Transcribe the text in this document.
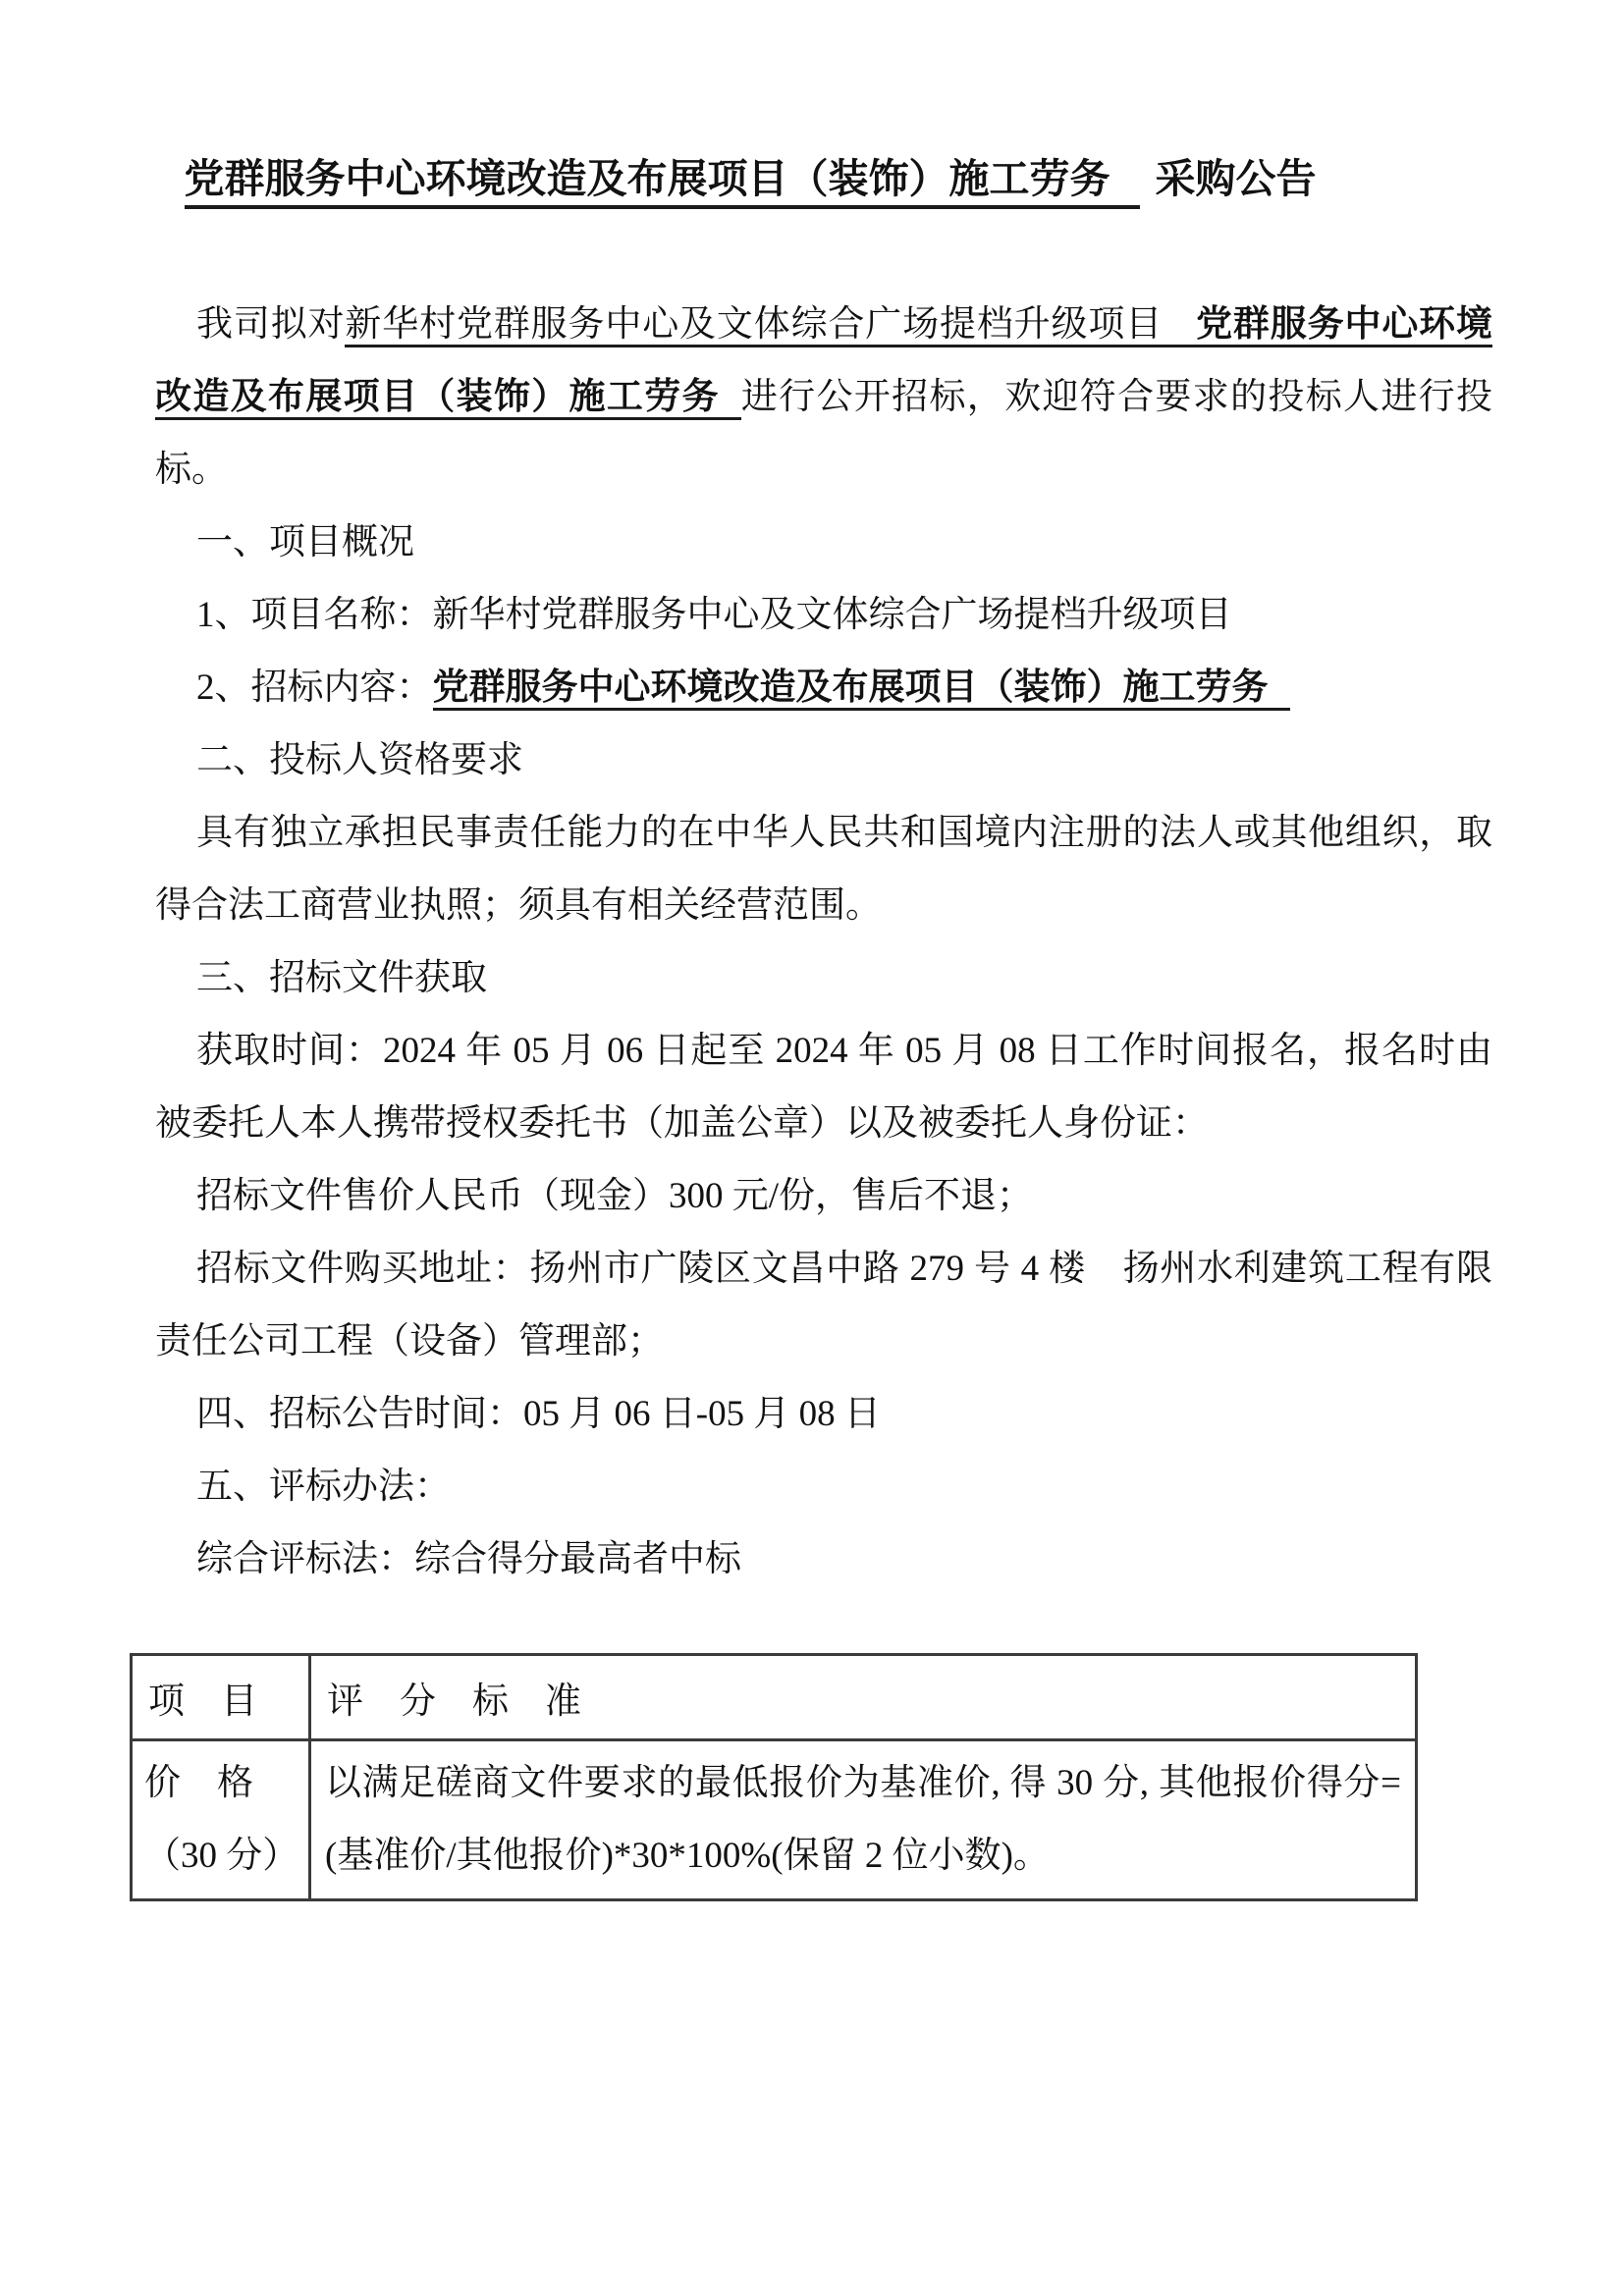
党群服务中心环境改造及布展项目（装饰）施工劳务 采购公告

我司拟对新华村党群服务中心及文体综合广场提档升级项目 党群服务中心环境改造及布展项目（装饰）施工劳务 进行公开招标，欢迎符合要求的投标人进行投标。

一、项目概况

1、项目名称：新华村党群服务中心及文体综合广场提档升级项目

2、招标内容：党群服务中心环境改造及布展项目（装饰）施工劳务

二、投标人资格要求

具有独立承担民事责任能力的在中华人民共和国境内注册的法人或其他组织，取得合法工商营业执照；须具有相关经营范围。

三、招标文件获取

获取时间：2024 年 05 月 06 日起至 2024 年 05 月 08 日工作时间报名，报名时由被委托人本人携带授权委托书（加盖公章）以及被委托人身份证：

招标文件售价人民币（现金）300 元/份，售后不退；

招标文件购买地址：扬州市广陵区文昌中路 279 号 4 楼　扬州水利建筑工程有限责任公司工程（设备）管理部；

四、招标公告时间：05 月 06 日-05 月 08 日

五、评标办法：

综合评标法：综合得分最高者中标

项　目	评　分　标　准

价　格
（30 分）	以满足磋商文件要求的最低报价为基准价, 得 30 分, 其他报价得分=(基准价/其他报价)*30*100%(保留 2 位小数)。
